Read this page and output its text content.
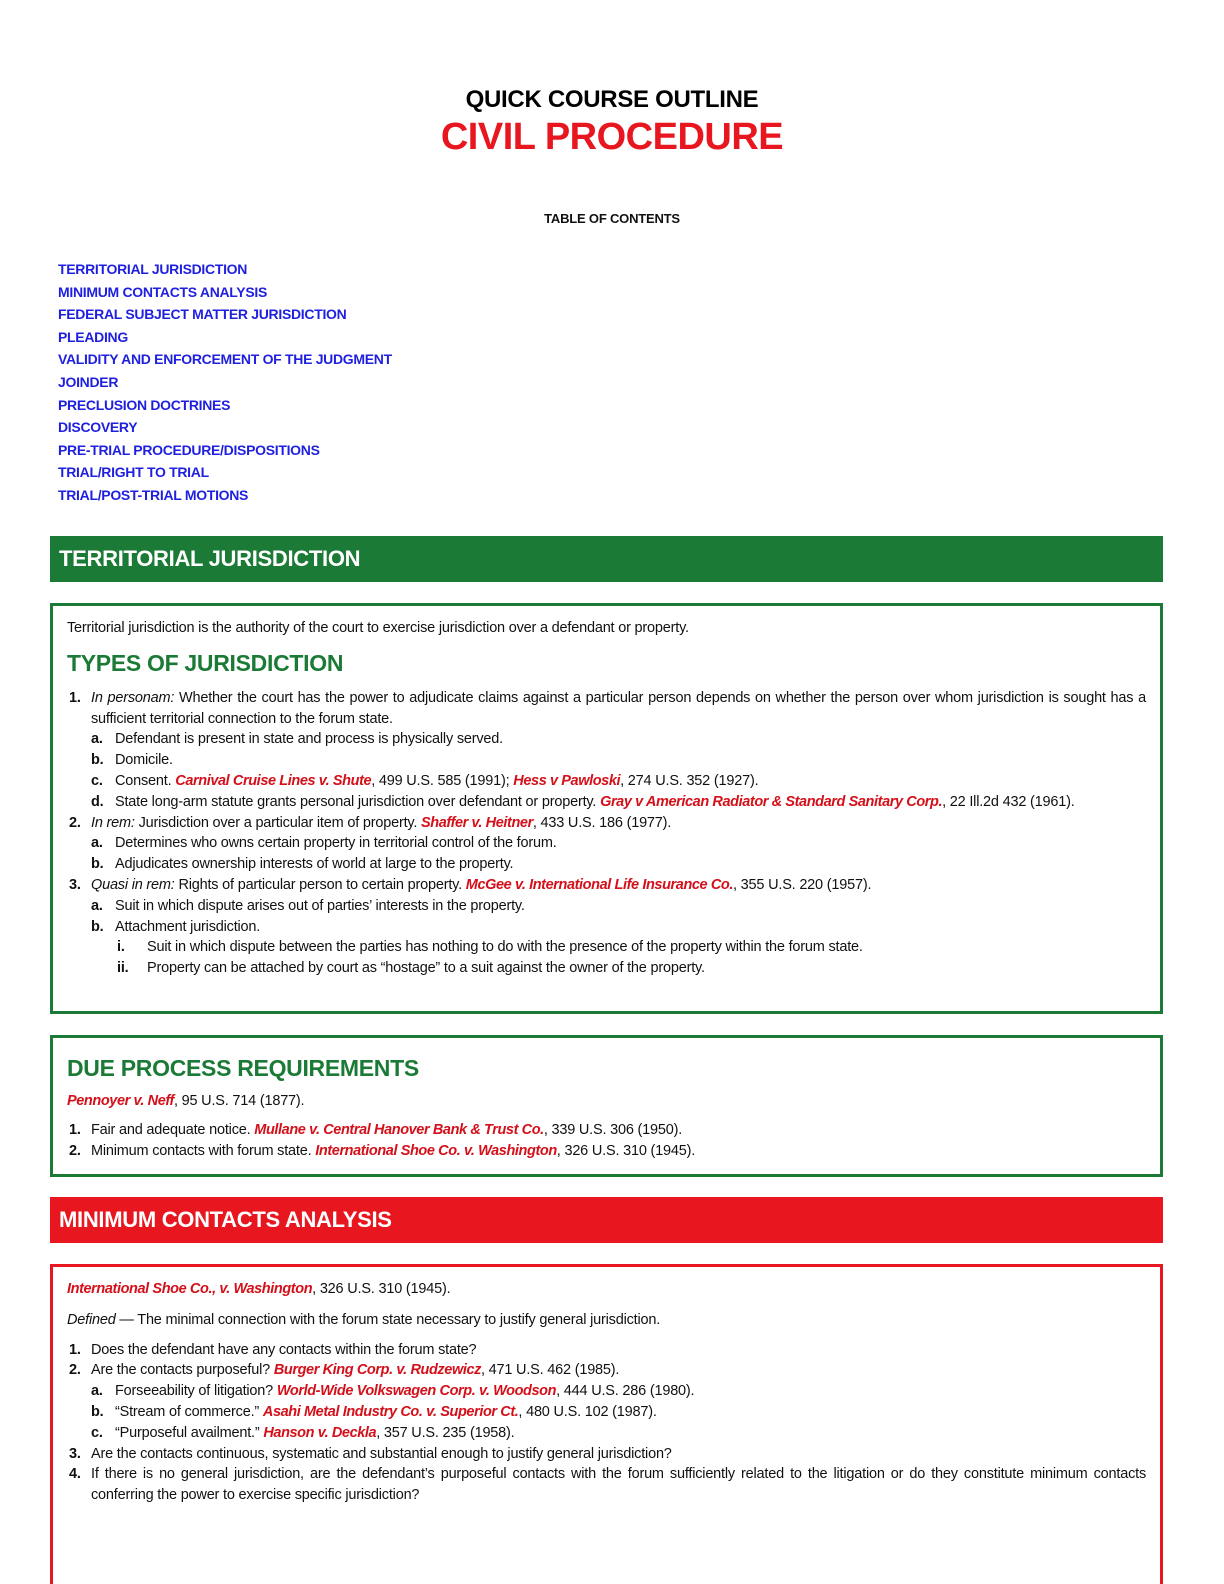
QUICK COURSE OUTLINE
CIVIL PROCEDURE
TABLE OF CONTENTS
TERRITORIAL JURISDICTION
MINIMUM CONTACTS ANALYSIS
FEDERAL SUBJECT MATTER JURISDICTION
PLEADING
VALIDITY AND ENFORCEMENT OF THE JUDGMENT
JOINDER
PRECLUSION DOCTRINES
DISCOVERY
PRE-TRIAL PROCEDURE/DISPOSITIONS
TRIAL/RIGHT TO TRIAL
TRIAL/POST-TRIAL MOTIONS
TERRITORIAL JURISDICTION
Territorial jurisdiction is the authority of the court to exercise jurisdiction over a defendant or property.
TYPES OF JURISDICTION
1. In personam: Whether the court has the power to adjudicate claims against a particular person depends on whether the person over whom jurisdiction is sought has a sufficient territorial connection to the forum state.
a. Defendant is present in state and process is physically served.
b. Domicile.
c. Consent. Carnival Cruise Lines v. Shute, 499 U.S. 585 (1991); Hess v Pawloski, 274 U.S. 352 (1927).
d. State long-arm statute grants personal jurisdiction over defendant or property. Gray v American Radiator & Standard Sanitary Corp., 22 Ill.2d 432 (1961).
2. In rem: Jurisdiction over a particular item of property. Shaffer v. Heitner, 433 U.S. 186 (1977).
a. Determines who owns certain property in territorial control of the forum.
b. Adjudicates ownership interests of world at large to the property.
3. Quasi in rem: Rights of particular person to certain property. McGee v. International Life Insurance Co., 355 U.S. 220 (1957).
a. Suit in which dispute arises out of parties’ interests in the property.
b. Attachment jurisdiction.
i. Suit in which dispute between the parties has nothing to do with the presence of the property within the forum state.
ii. Property can be attached by court as “hostage” to a suit against the owner of the property.
DUE PROCESS REQUIREMENTS
Pennoyer v. Neff, 95 U.S. 714 (1877).
1. Fair and adequate notice. Mullane v. Central Hanover Bank & Trust Co., 339 U.S. 306 (1950).
2. Minimum contacts with forum state. International Shoe Co. v. Washington, 326 U.S. 310 (1945).
MINIMUM CONTACTS ANALYSIS
International Shoe Co., v. Washington, 326 U.S. 310 (1945).
Defined — The minimal connection with the forum state necessary to justify general jurisdiction.
1. Does the defendant have any contacts within the forum state?
2. Are the contacts purposeful? Burger King Corp. v. Rudzewicz, 471 U.S. 462 (1985).
a. Forseeability of litigation? World-Wide Volkswagen Corp. v. Woodson, 444 U.S. 286 (1980).
b. “Stream of commerce.” Asahi Metal Industry Co. v. Superior Ct., 480 U.S. 102 (1987).
c. “Purposeful availment.” Hanson v. Deckla, 357 U.S. 235 (1958).
3. Are the contacts continuous, systematic and substantial enough to justify general jurisdiction?
4. If there is no general jurisdiction, are the defendant’s purposeful contacts with the forum sufficiently related to the litigation or do they constitute minimum contacts conferring the power to exercise specific jurisdiction?
